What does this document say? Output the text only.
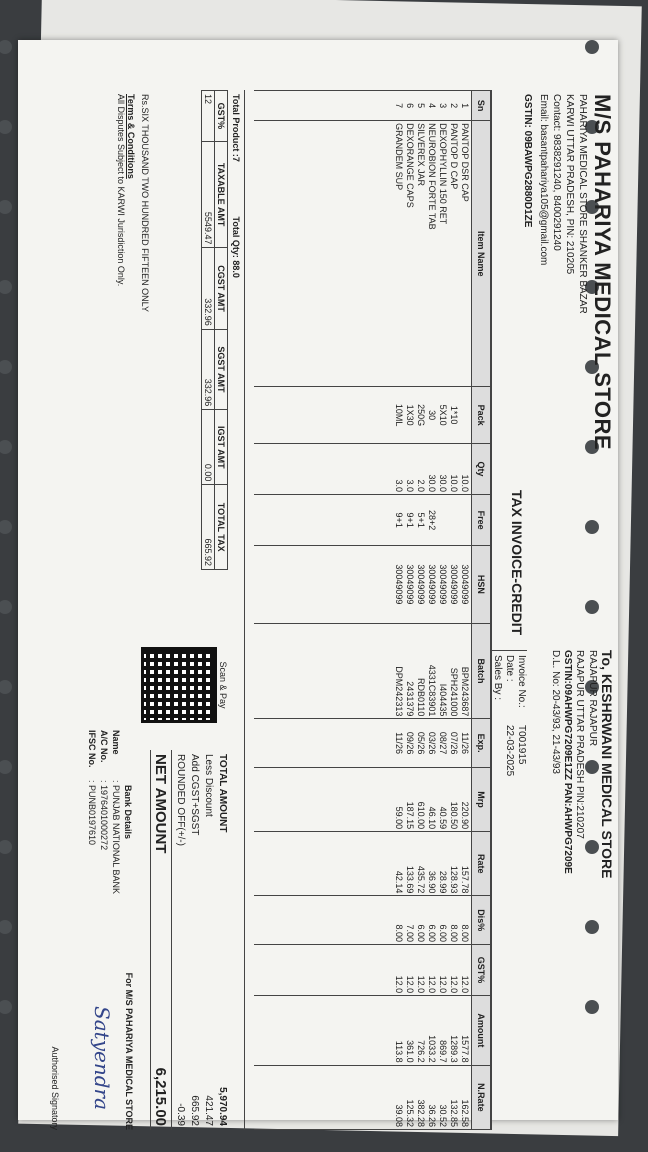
M/S PAHARIYA MEDICAL STORE
PAHARIYA MEDICAL STORE SHANKER BAZAR
KARWI UTTAR PRADESH, PIN: 210205
Contact: 9838291240, 8400291240
Email: basantpahariya105@gmail.com
GSTIN: 09BAWPG2880D1ZE
TAX INVOICE-CREDIT
To, KESHRWANI MEDICAL STORE
RAJAPUR RAJAPUR
RAJAPUR UTTAR PRADESH PIN:210207
GSTIN:09AHWPG7209E1ZZ PAN:AHWPG7209E
D.L. No: 20-43/93, 21-43/93
Invoice No.:T001915
Date :22-03-2025
Sales By :
Sn	Item Name	Pack	Qty	Free	HSN	Batch	Exp.	Mrp	Rate	Dis%	GST%	Amount	N.Rate
1	PANTOP DSR CAP		10.0		30049099	BPM243687	11/26	220.90	157.78	8.00	12.0	1577.8	162.58
2	PANTOP D CAP	1*10	10.0		30049099	SPH241000	07/26	180.50	128.93	8.00	12.0	1289.3	132.85
3	DEXOPHYLLIN 150 RET	5X10	30.0		30049099	I404435	08/27	40.59	28.99	6.00	12.0	869.7	30.52
4	NEUROBION FORTE TAB	30	30.0	28+2	30049099	4331C83901	03/26	46.10	36.90	6.00	12.0	1033.2	36.26
5	SILVEREX JAR	250G	2.0	5+1	30049099	RDB0110	05/26	610.00	435.72	6.00	12.0	726.2	382.28
6	DEXORANGE CAPS	1X30	3.0	9+1	30049099	2431379	09/26	187.15	133.69	7.00	12.0	361.0	125.32
7	GRANDEM SUP	10ML	3.0	9+1	30049099	DPM242313	11/26	59.00	42.14	8.00	12.0	113.8	39.08

Total Product :7 Total Qty: 88.0
GST%	TAXABLE AMT	CGST AMT	SGST AMT	IGST AMT	TOTAL TAX
12	5549.47	332.96	332.96	0.00	665.92
Rs.SIX THOUSAND TWO HUNDRED FIFTEEN ONLY
Terms & Conditions
All Disputes Subject to KARWI Jurisdiction Only.
Scan & Pay
TOTAL AMOUNT
5,970.94
Less Discount
421.47
Add CGST+SGST
665.92
ROUNDED OFF(+/-)
-0.39
NET AMOUNT
6,215.00
Bank Details
Name: PUNJAB NATIONAL BANK
A/C No.: 1976401000272
IFSC No.: PUNB0197610
For M/S PAHARIYA MEDICAL STORE
Satyendra
Authorised Signatory
